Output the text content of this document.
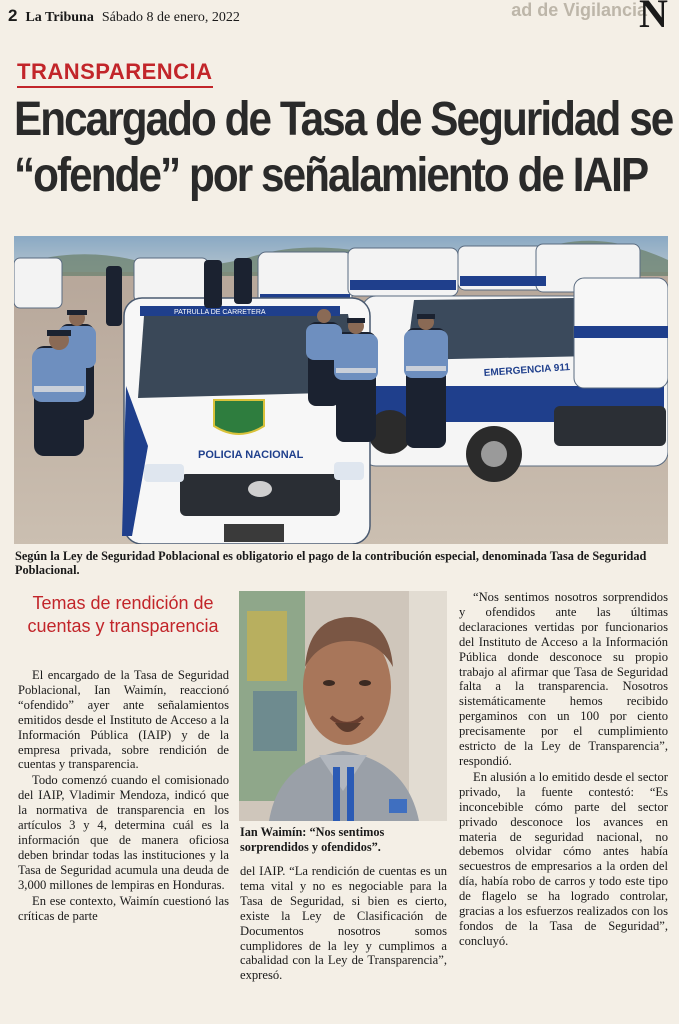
2 La Tribuna Sábado 8 de enero, 2022	ad de Vigilancia
N
TRANSPARENCIA
Encargado de Tasa de Seguridad se
“ofende” por señalamiento de IAIP
EMERGENCIA 911
PATRULLA DE CARRETERA
POLICIA NACIONAL
Según la Ley de Seguridad Poblacional es obligatorio el pago de la contribución especial, denominada Tasa de Seguridad Poblacional.
Temas de rendición de cuentas y transparencia

El encargado de la Tasa de Seguridad Poblacional, Ian Waimín, reaccionó “ofendido” ayer ante señalamientos emitidos desde el Instituto de Acceso a la Información Pública (IAIP) y de la empresa privada, sobre rendición de cuentas y transparencia.

Todo comenzó cuando el comisionado del IAIP, Vladimir Mendoza, indicó que la normativa de transparencia en los artículos 3 y 4, determina cuál es la información que de manera oficiosa deben brindar todas las instituciones y la Tasa de Seguridad acumula una deuda de 3,000 millones de lempiras en Honduras.

En ese contexto, Waimín cuestionó las críticas de parte

Ian Waimín: “Nos sentimos sorprendidos y ofendidos”.

del IAIP. “La rendición de cuentas es un tema vital y no es negociable para la Tasa de Seguridad, si bien es cierto, existe la Ley de Clasificación de Documentos nosotros somos cumplidores de la ley y cumplimos a cabalidad con la Ley de Transparencia”, expresó.

“Nos sentimos nosotros sorprendidos y ofendidos ante las últimas declaraciones vertidas por funcionarios del Instituto de Acceso a la Información Pública donde desconoce su propio trabajo al afirmar que Tasa de Seguridad falta a la transparencia. Nosotros sistemáticamente hemos recibido pergaminos con un 100 por ciento precisamente por el cumplimiento estricto de la Ley de Transparencia”, respondió.

En alusión a lo emitido desde el sector privado, la fuente contestó: “Es inconcebible cómo parte del sector privado desconoce los avances en materia de seguridad nacional, no debemos olvidar cómo antes había secuestros de empresarios a la orden del día, había robo de carros y todo este tipo de flagelo se ha logrado controlar, gracias a los esfuerzos realizados con los fondos de la Tasa de Seguridad”, concluyó.
